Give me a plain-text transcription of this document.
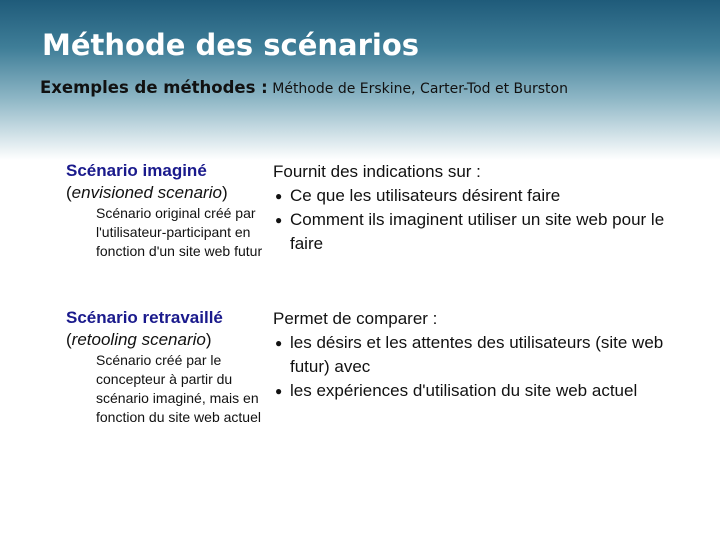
Méthode des scénarios
Exemples de méthodes : Méthode de Erskine, Carter-Tod et Burston
Scénario imaginé
(envisioned scenario)
Scénario original créé par l'utilisateur-participant en fonction d'un site web futur
Fournit des indications sur :
● Ce que les utilisateurs désirent faire
● Comment ils imaginent utiliser un site web pour le faire
Scénario retravaillé
(retooling scenario)
Scénario créé par le concepteur à partir du scénario imaginé, mais en fonction du site web actuel
Permet de comparer :
● les désirs et les attentes des utilisateurs (site web futur) avec
● les expériences d'utilisation du site web actuel
